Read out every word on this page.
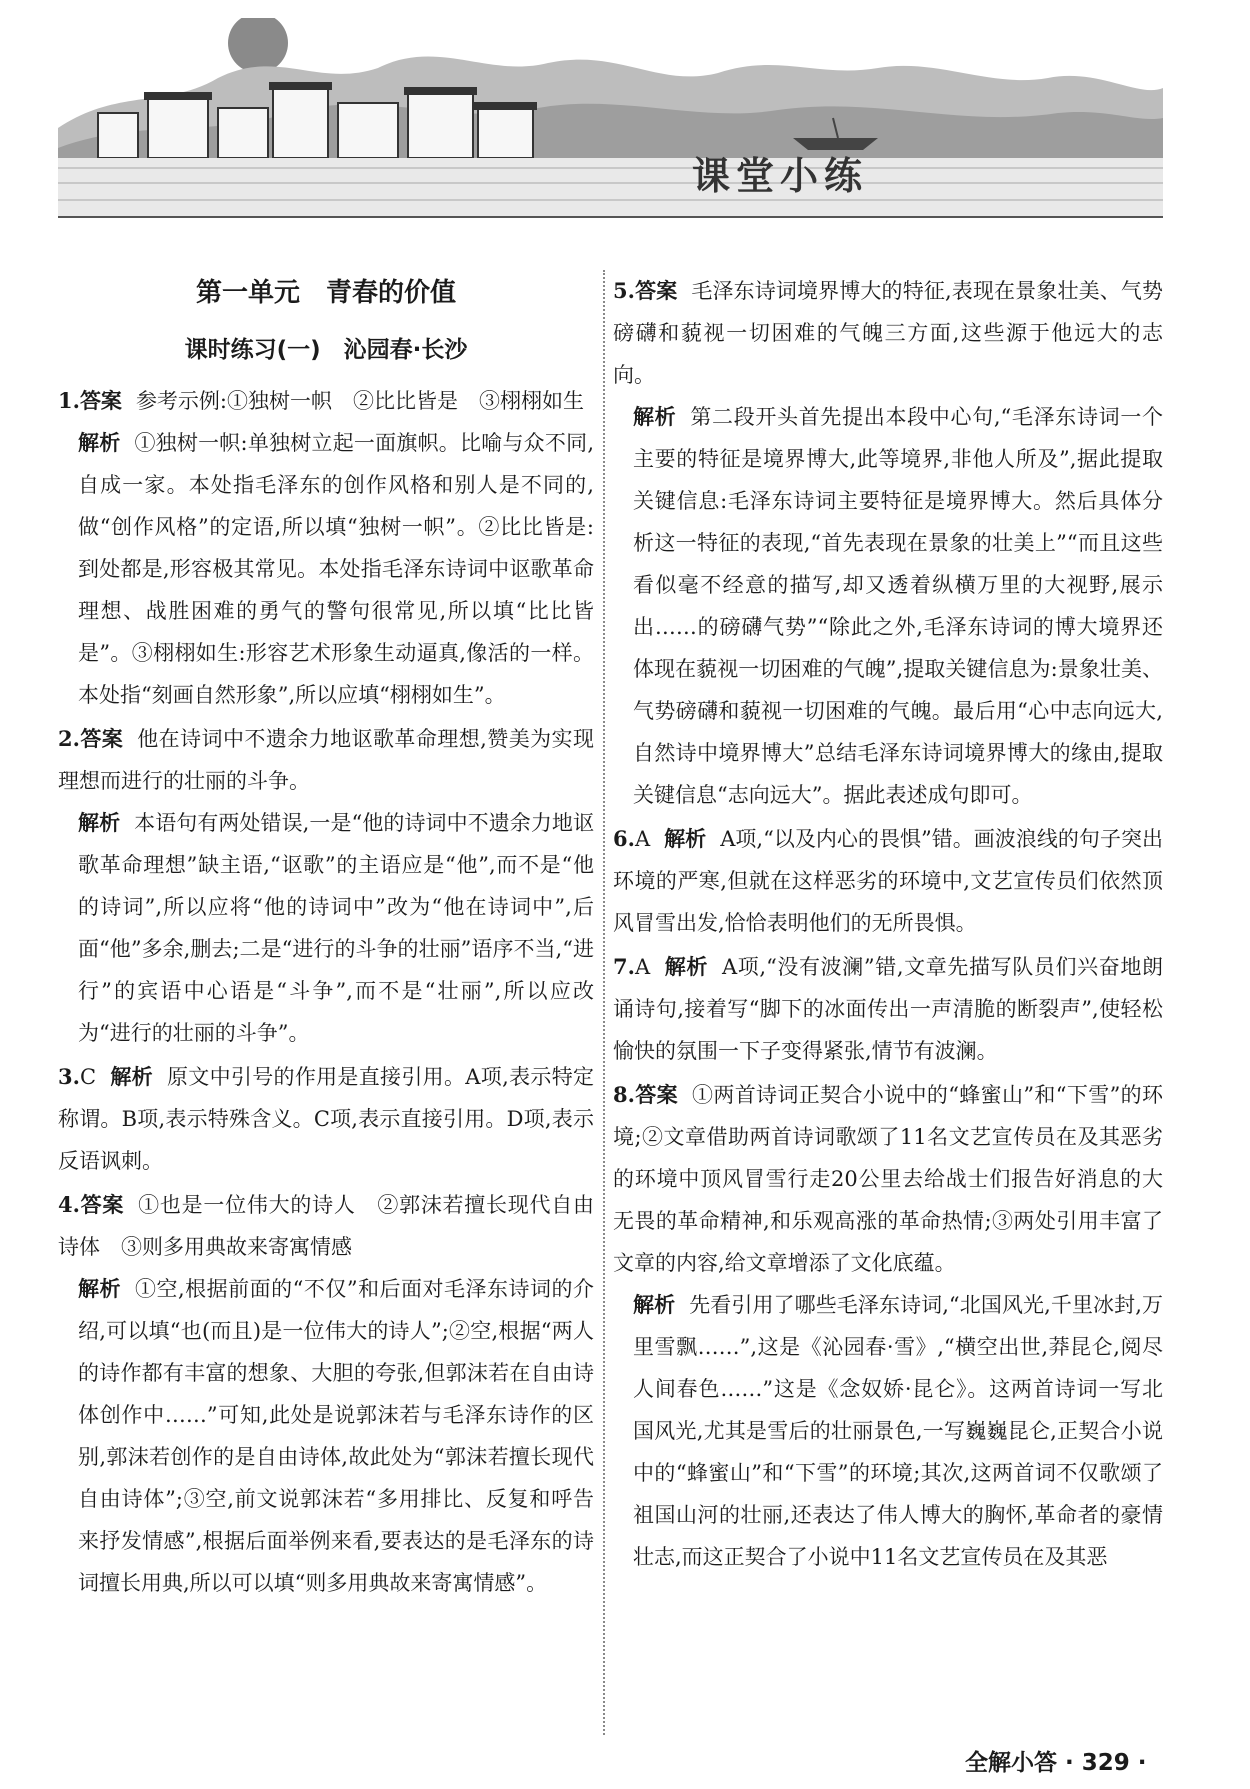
课堂小练
第一单元　青春的价值
课时练习(一)　沁园春·长沙
1.答案 参考示例:①独树一帜　②比比皆是　③栩栩如生
解析 ①独树一帜:单独树立起一面旗帜。比喻与众不同,自成一家。本处指毛泽东的创作风格和别人是不同的,做“创作风格”的定语,所以填“独树一帜”。②比比皆是:到处都是,形容极其常见。本处指毛泽东诗词中讴歌革命理想、战胜困难的勇气的警句很常见,所以填“比比皆是”。③栩栩如生:形容艺术形象生动逼真,像活的一样。本处指“刻画自然形象”,所以应填“栩栩如生”。
2.答案 他在诗词中不遗余力地讴歌革命理想,赞美为实现理想而进行的壮丽的斗争。
解析 本语句有两处错误,一是“他的诗词中不遗余力地讴歌革命理想”缺主语,“讴歌”的主语应是“他”,而不是“他的诗词”,所以应将“他的诗词中”改为“他在诗词中”,后面“他”多余,删去;二是“进行的斗争的壮丽”语序不当,“进行”的宾语中心语是“斗争”,而不是“壮丽”,所以应改为“进行的壮丽的斗争”。
3.C 解析 原文中引号的作用是直接引用。A项,表示特定称谓。B项,表示特殊含义。C项,表示直接引用。D项,表示反语讽刺。
4.答案 ①也是一位伟大的诗人　②郭沫若擅长现代自由诗体　③则多用典故来寄寓情感
解析 ①空,根据前面的“不仅”和后面对毛泽东诗词的介绍,可以填“也(而且)是一位伟大的诗人”;②空,根据“两人的诗作都有丰富的想象、大胆的夸张,但郭沫若在自由诗体创作中……”可知,此处是说郭沫若与毛泽东诗作的区别,郭沫若创作的是自由诗体,故此处为“郭沫若擅长现代自由诗体”;③空,前文说郭沫若“多用排比、反复和呼告来抒发情感”,根据后面举例来看,要表达的是毛泽东的诗词擅长用典,所以可以填“则多用典故来寄寓情感”。
5.答案 毛泽东诗词境界博大的特征,表现在景象壮美、气势磅礴和藐视一切困难的气魄三方面,这些源于他远大的志向。
解析 第二段开头首先提出本段中心句,“毛泽东诗词一个主要的特征是境界博大,此等境界,非他人所及”,据此提取关键信息:毛泽东诗词主要特征是境界博大。然后具体分析这一特征的表现,“首先表现在景象的壮美上”“而且这些看似毫不经意的描写,却又透着纵横万里的大视野,展示出……的磅礴气势”“除此之外,毛泽东诗词的博大境界还体现在藐视一切困难的气魄”,提取关键信息为:景象壮美、气势磅礴和藐视一切困难的气魄。最后用“心中志向远大,自然诗中境界博大”总结毛泽东诗词境界博大的缘由,提取关键信息“志向远大”。据此表述成句即可。
6.A 解析 A项,“以及内心的畏惧”错。画波浪线的句子突出环境的严寒,但就在这样恶劣的环境中,文艺宣传员们依然顶风冒雪出发,恰恰表明他们的无所畏惧。
7.A 解析 A项,“没有波澜”错,文章先描写队员们兴奋地朗诵诗句,接着写“脚下的冰面传出一声清脆的断裂声”,使轻松愉快的氛围一下子变得紧张,情节有波澜。
8.答案 ①两首诗词正契合小说中的“蜂蜜山”和“下雪”的环境;②文章借助两首诗词歌颂了11名文艺宣传员在及其恶劣的环境中顶风冒雪行走20公里去给战士们报告好消息的大无畏的革命精神,和乐观高涨的革命热情;③两处引用丰富了文章的内容,给文章增添了文化底蕴。
解析 先看引用了哪些毛泽东诗词,“北国风光,千里冰封,万里雪飘……”,这是《沁园春·雪》,“横空出世,莽昆仑,阅尽人间春色……”这是《念奴娇·昆仑》。这两首诗词一写北国风光,尤其是雪后的壮丽景色,一写巍巍昆仑,正契合小说中的“蜂蜜山”和“下雪”的环境;其次,这两首词不仅歌颂了祖国山河的壮丽,还表达了伟人博大的胸怀,革命者的豪情壮志,而这正契合了小说中11名文艺宣传员在及其恶
全解小答 · 329 ·
